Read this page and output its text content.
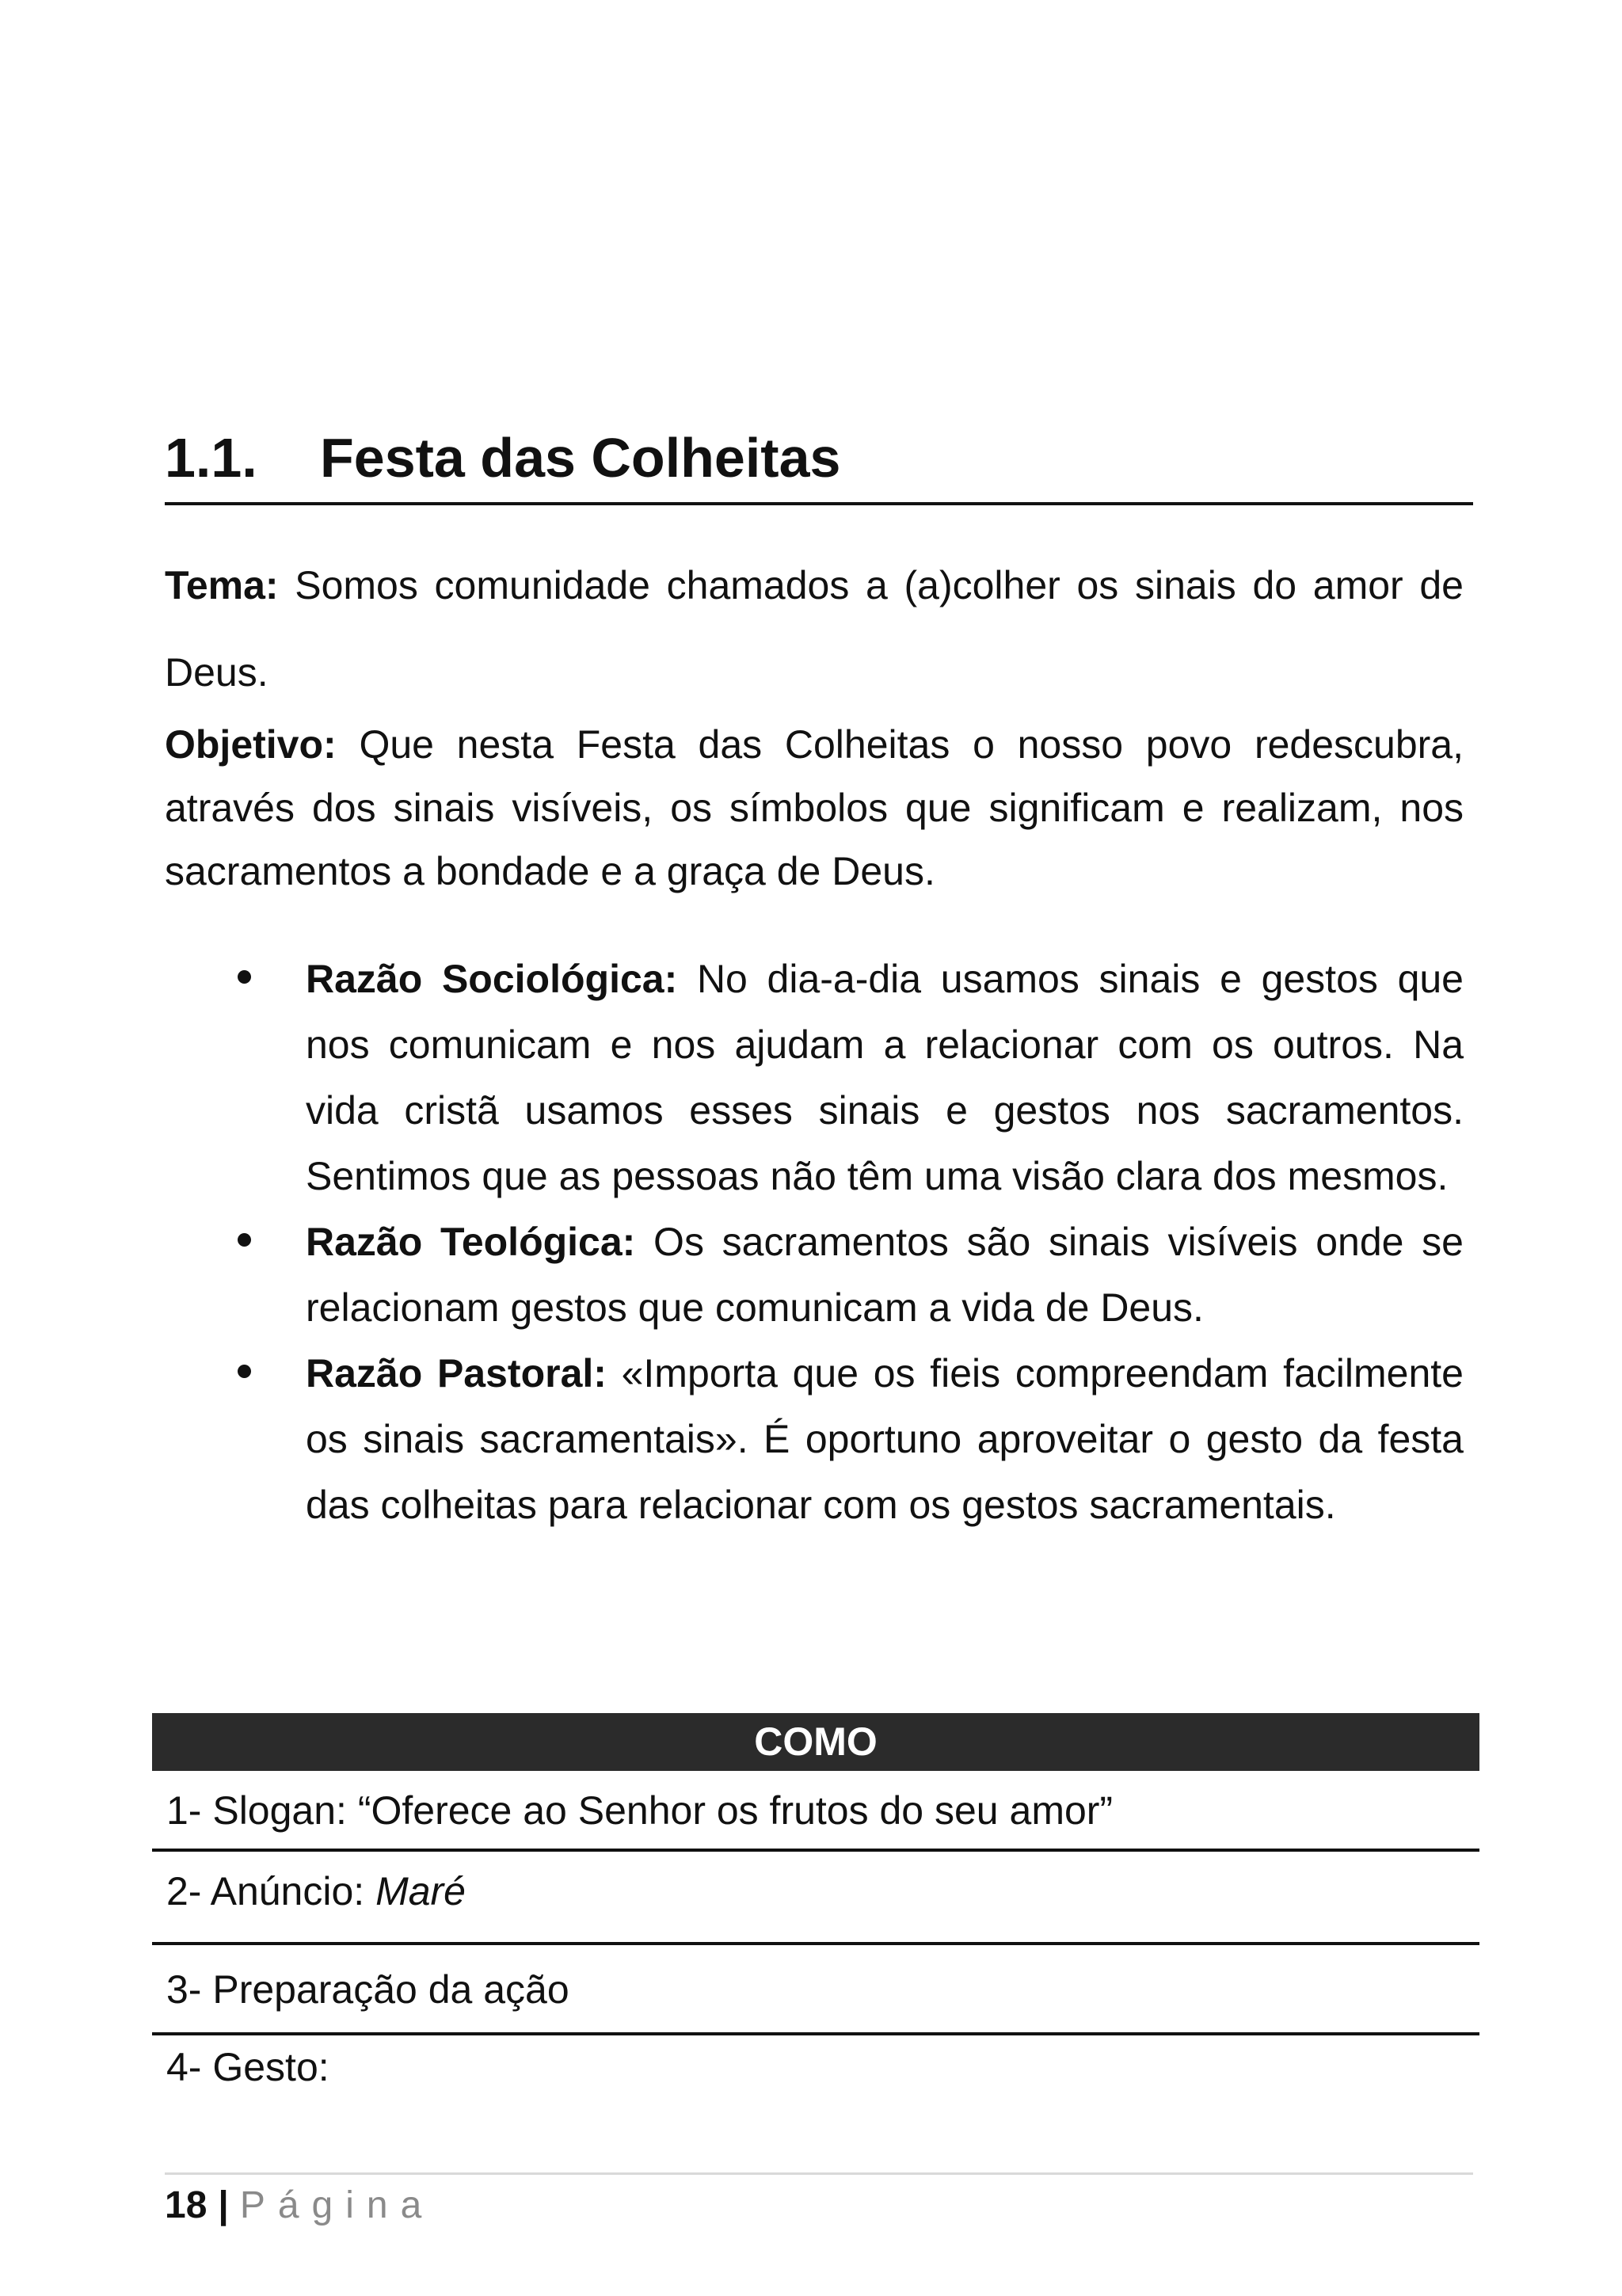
1.1. Festa das Colheitas

Tema: Somos comunidade chamados a (a)colher os sinais do amor de Deus.

Objetivo: Que nesta Festa das Colheitas o nosso povo redescubra, através dos sinais visíveis, os símbolos que significam e realizam, nos sacramentos a bondade e a graça de Deus.

Razão Sociológica: No dia-a-dia usamos sinais e gestos que nos comunicam e nos ajudam a relacionar com os outros. Na vida cristã usamos esses sinais e gestos nos sacramentos. Sentimos que as pessoas não têm uma visão clara dos mesmos.
Razão Teológica: Os sacramentos são sinais visíveis onde se relacionam gestos que comunicam a vida de Deus.
Razão Pastoral: «Importa que os fieis compreendam facilmente os sinais sacramentais». É oportuno aproveitar o gesto da festa das colheitas para relacionar com os gestos sacramentais.
COMO
1- Slogan: “Oferece ao Senhor os frutos do seu amor”
2- Anúncio: Maré
3- Preparação da ação
4- Gesto:
18 | Página
